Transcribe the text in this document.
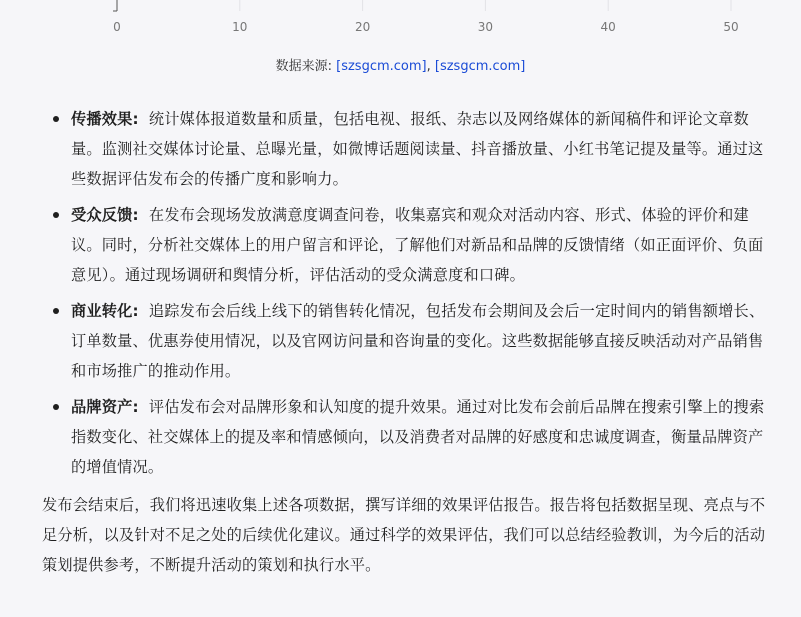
0	10	20	30	40	50
数据来源: [szsgcm.com], [szsgcm.com]
传播效果: 统计媒体报道数量和质量，包括电视、报纸、杂志以及网络媒体的新闻稿件和评论文章数量。监测社交媒体讨论量、总曝光量，如微博话题阅读量、抖音播放量、小红书笔记提及量等。通过这些数据评估发布会的传播广度和影响力。
受众反馈: 在发布会现场发放满意度调查问卷，收集嘉宾和观众对活动内容、形式、体验的评价和建议。同时，分析社交媒体上的用户留言和评论，了解他们对新品和品牌的反馈情绪（如正面评价、负面意见）。通过现场调研和舆情分析，评估活动的受众满意度和口碑。
商业转化: 追踪发布会后线上线下的销售转化情况，包括发布会期间及会后一定时间内的销售额增长、订单数量、优惠券使用情况，以及官网访问量和咨询量的变化。这些数据能够直接反映活动对产品销售和市场推广的推动作用。
品牌资产: 评估发布会对品牌形象和认知度的提升效果。通过对比发布会前后品牌在搜索引擎上的搜索指数变化、社交媒体上的提及率和情感倾向，以及消费者对品牌的好感度和忠诚度调查，衡量品牌资产的增值情况。

发布会结束后，我们将迅速收集上述各项数据，撰写详细的效果评估报告。报告将包括数据呈现、亮点与不足分析，以及针对不足之处的后续优化建议。通过科学的效果评估，我们可以总结经验教训，为今后的活动策划提供参考，不断提升活动的策划和执行水平。
